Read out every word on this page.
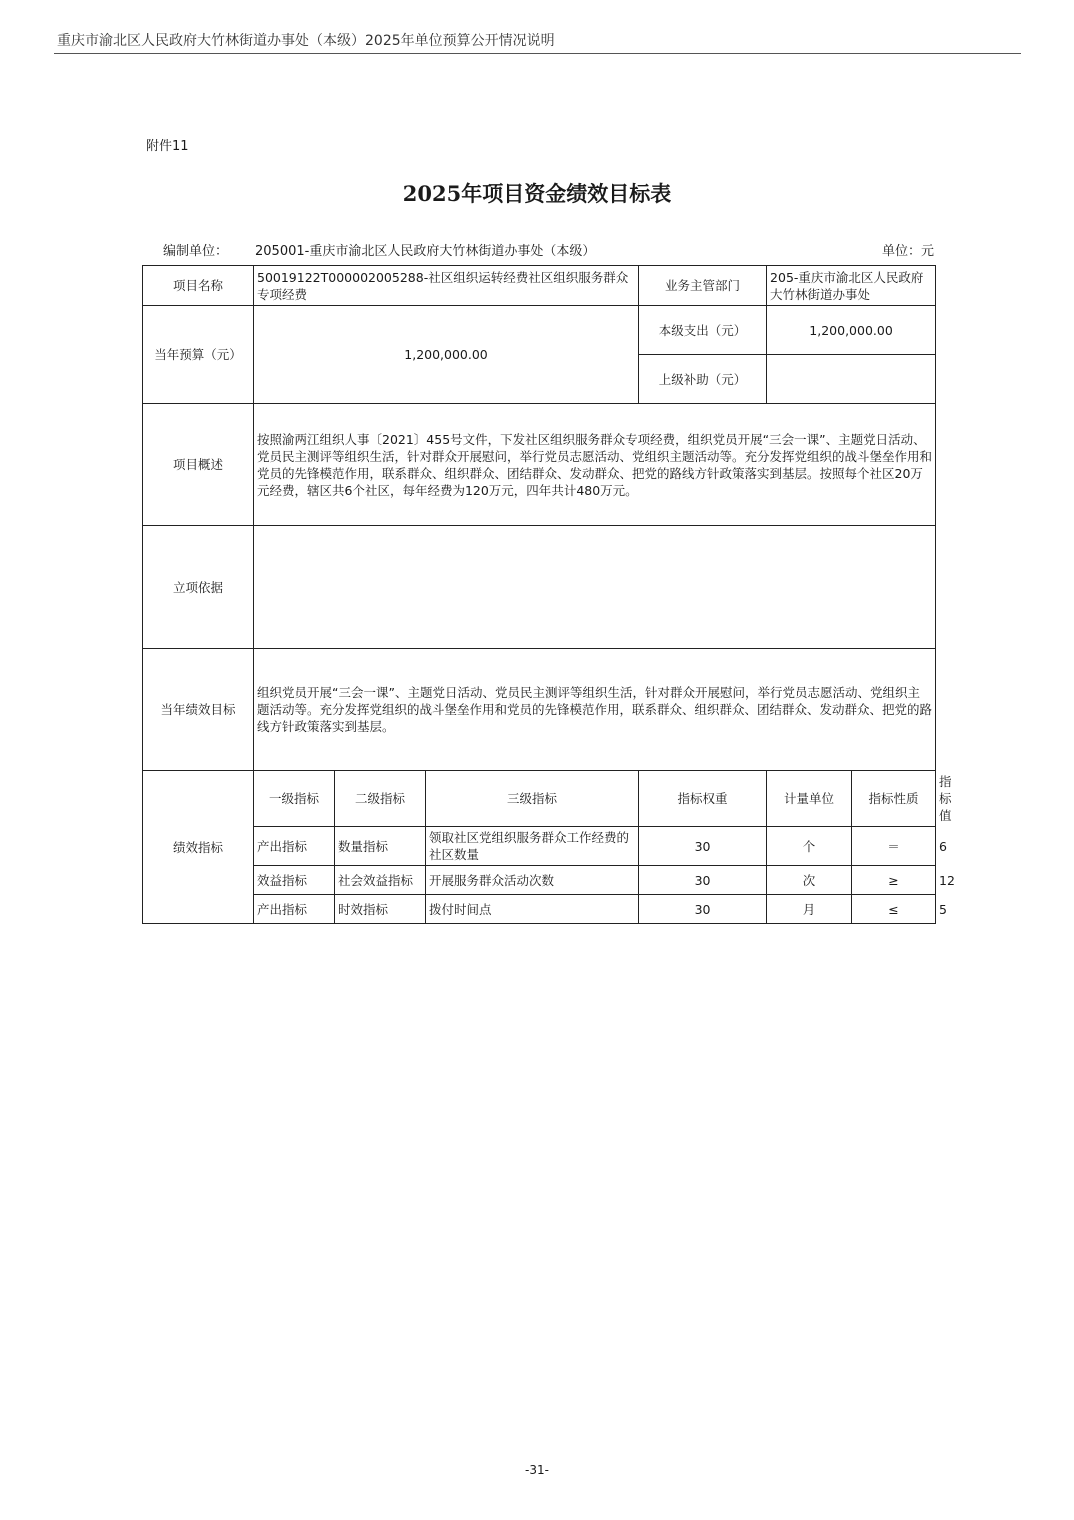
重庆市渝北区人民政府大竹林街道办事处（本级）2025年单位预算公开情况说明
附件11
2025年项目资金绩效目标表
编制单位： 205001-重庆市渝北区人民政府大竹林街道办事处（本级）	单位：元
项目名称	50019122T000002005288-社区组织运转经费社区组织服务群众专项经费			业务主管部门	205-重庆市渝北区人民政府大竹林街道办事处		
当年预算（元）	1,200,000.00			本级支出（元）	1,200,000.00		
				上级补助（元）			
项目概述	按照渝两江组织人事〔2021〕455号文件，下发社区组织服务群众专项经费，组织党员开展“三会一课”、主题党日活动、党员民主测评等组织生活，针对群众开展慰问，举行党员志愿活动、党组织主题活动等。充分发挥党组织的战斗堡垒作用和党员的先锋模范作用，联系群众、组织群众、团结群众、发动群众、把党的路线方针政策落实到基层。按照每个社区20万元经费，辖区共6个社区，每年经费为120万元，四年共计480万元。						
立项依据							
当年绩效目标	组织党员开展“三会一课”、主题党日活动、党员民主测评等组织生活，针对群众开展慰问，举行党员志愿活动、党组织主题活动等。充分发挥党组织的战斗堡垒作用和党员的先锋模范作用，联系群众、组织群众、团结群众、发动群众、把党的路线方针政策落实到基层。						
绩效指标	一级指标	二级指标	三级指标	指标权重	计量单位	指标性质	指标值
	产出指标	数量指标	领取社区党组织服务群众工作经费的社区数量	30	个	＝	6
	效益指标	社会效益指标	开展服务群众活动次数	30	次	≥	12
	产出指标	时效指标	拨付时间点	30	月	≤	5
-31-
